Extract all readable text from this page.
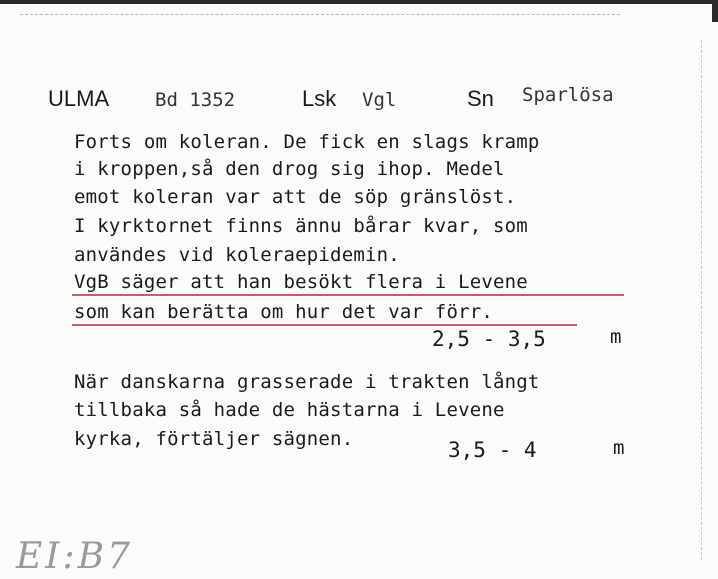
ULMA Bd 1352	Lsk Vgl	Sn Sparlösa
Forts om koleran. De fick en slags kramp
i kroppen,så den drog sig ihop. Medel
emot koleran var att de söp gränslöst.
I kyrktornet finns ännu bårar kvar, som
användes vid koleraepidemin.
VgB säger att han besökt flera i Levene
som kan berätta om hur det var förr.
2,5 - 3,5	m
När danskarna grasserade i trakten långt
tillbaka så hade de hästarna i Levene
kyrka, förtäljer sägnen.	3,5 - 4	m
EI:B7
